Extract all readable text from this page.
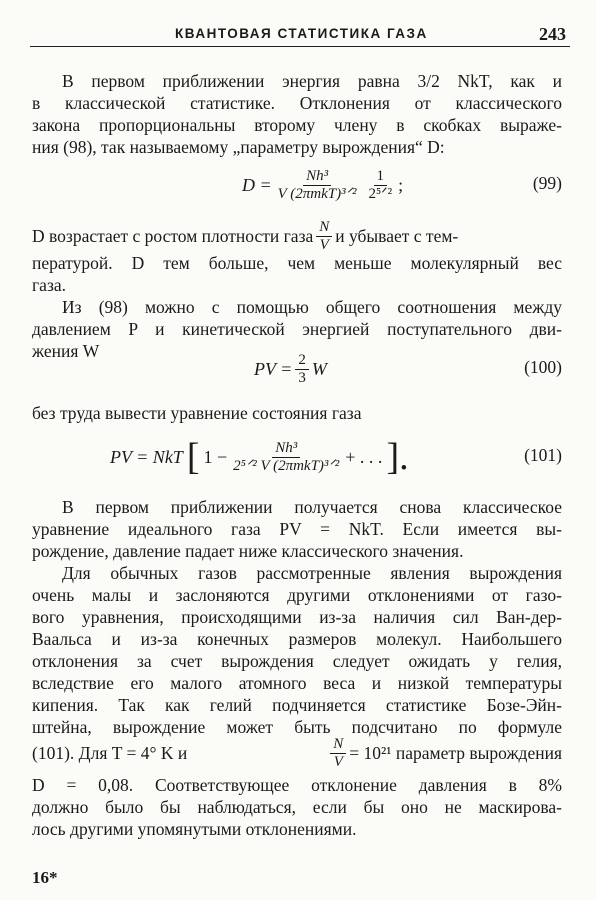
КВАНТОВАЯ СТАТИСТИКА ГАЗА	243
В первом приближении энергия равна 3/2 NkT, как и
в классической статистике. Отклонения от классического
закона пропорциональны второму члену в скобках выраже-
ния (98), так называемому „параметру вырождения“ D:
$D = \frac{\text{Nh³}}{\text{V (2πmkT)³ᐟ²}} \frac{1}{\text{2⁵ᐟ²}}$ ;	(99)
D возрастает с ростом плотности газа $\frac{N}{V}$ и убывает с тем-
пературой. D тем больше, чем меньше молекулярный вес
газа.
Из (98) можно с помощью общего соотношения между
давлением P и кинетической энергией поступательного дви-
жения W
PV = $\frac{2}{3}$ W	(100)
без труда вывести уравнение состояния газа
PV = NkT [ $1 - \frac{\text{Nh³}}{\text{2⁵ᐟ² V (2πmkT)³ᐟ²}}$ + . . . ].	(101)
В первом приближении получается снова классическое
уравнение идеального газа PV = NkT. Если имеется вы-
рождение, давление падает ниже классического значения.
Для обычных газов рассмотренные явления вырождения
очень малы и заслоняются другими отклонениями от газо-
вого уравнения, происходящими из-за наличия сил Ван-дер-
Ваальса и из-за конечных размеров молекул. Наибольшего
отклонения за счет вырождения следует ожидать у гелия,
вследствие его малого атомного веса и низкой температуры
кипения. Так как гелий подчиняется статистике Бозе-Эйн-
штейна, вырождение может быть подсчитано по формуле
(101). Для T = 4° K и	$\frac{N}{V} = 10^{21}$ параметр вырождения
D = 0,08. Соответствующее отклонение давления в 8%
должно было бы наблюдаться, если бы оно не маскирова-
лось другими упомянутыми отклонениями.
16*
